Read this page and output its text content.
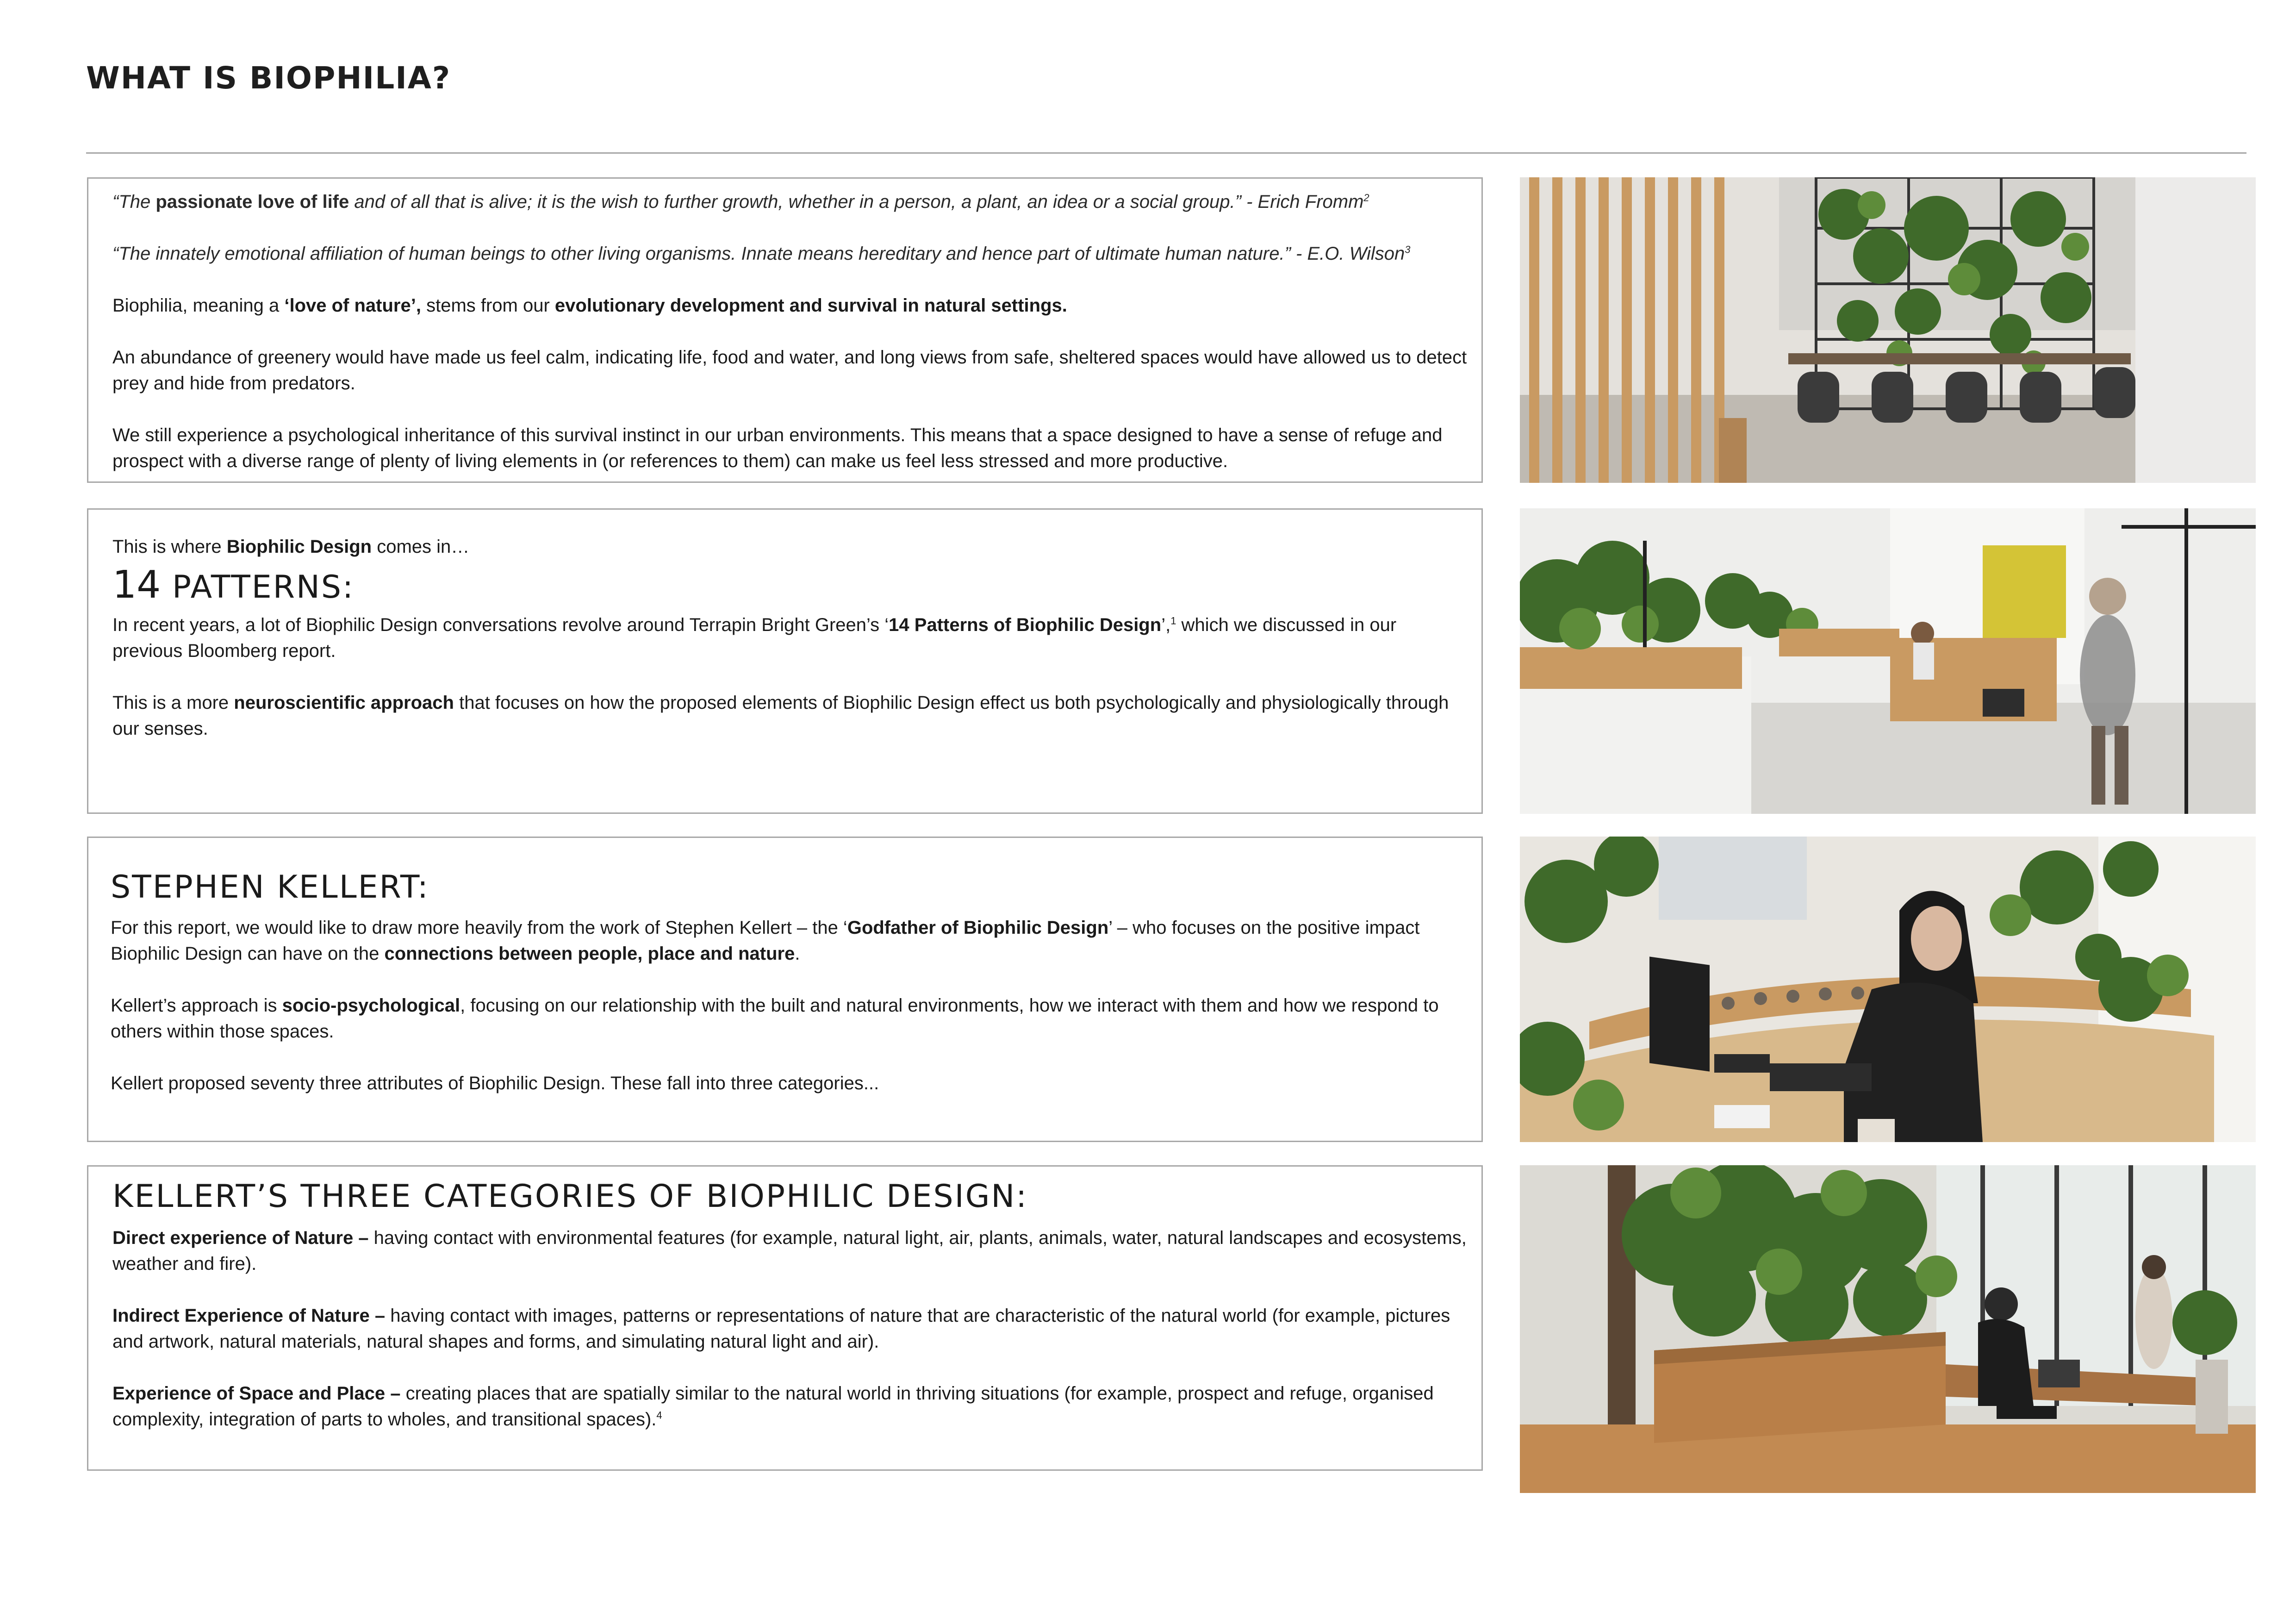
WHAT IS BIOPHILIA?

“The passionate love of life and of all that is alive; it is the wish to further growth, whether in a person, a plant, an idea or a social group.” - Erich Fromm$^2$

“The innately emotional affiliation of human beings to other living organisms. Innate means hereditary and hence part of ultimate human nature.” - E.O. Wilson$^3$

Biophilia, meaning a ‘love of nature’, stems from our evolutionary development and survival in natural settings.

An abundance of greenery would have made us feel calm, indicating life, food and water, and long views from safe, sheltered spaces would have allowed us to detect prey and hide from predators.

We still experience a psychological inheritance of this survival instinct in our urban environments. This means that a space designed to have a sense of refuge and prospect with a diverse range of plenty of living elements in (or references to them) can make us feel less stressed and more productive.

This is where Biophilic Design comes in…

14 PATTERNS:

In recent years, a lot of Biophilic Design conversations revolve around Terrapin Bright Green’s ‘14 Patterns of Biophilic Design’,$^1$ which we discussed in our previous Bloomberg report.

This is a more neuroscientific approach that focuses on how the proposed elements of Biophilic Design effect us both psychologically and physiologically through our senses.

STEPHEN KELLERT:

For this report, we would like to draw more heavily from the work of Stephen Kellert – the ‘Godfather of Biophilic Design’ – who focuses on the positive impact Biophilic Design can have on the connections between people, place and nature.

Kellert’s approach is socio-psychological, focusing on our relationship with the built and natural environments, how we interact with them and how we respond to others within those spaces.

Kellert proposed seventy three attributes of Biophilic Design. These fall into three categories...

KELLERT’S THREE CATEGORIES OF BIOPHILIC DESIGN:

Direct experience of Nature – having contact with environmental features (for example, natural light, air, plants, animals, water, natural landscapes and ecosystems, weather and fire).

Indirect Experience of Nature – having contact with images, patterns or representations of nature that are characteristic of the natural world (for example, pictures and artwork, natural materials, natural shapes and forms, and simulating natural light and air).

Experience of Space and Place – creating places that are spatially similar to the natural world in thriving situations (for example, prospect and refuge, organised complexity, integration of parts to wholes, and transitional spaces).$^4$
